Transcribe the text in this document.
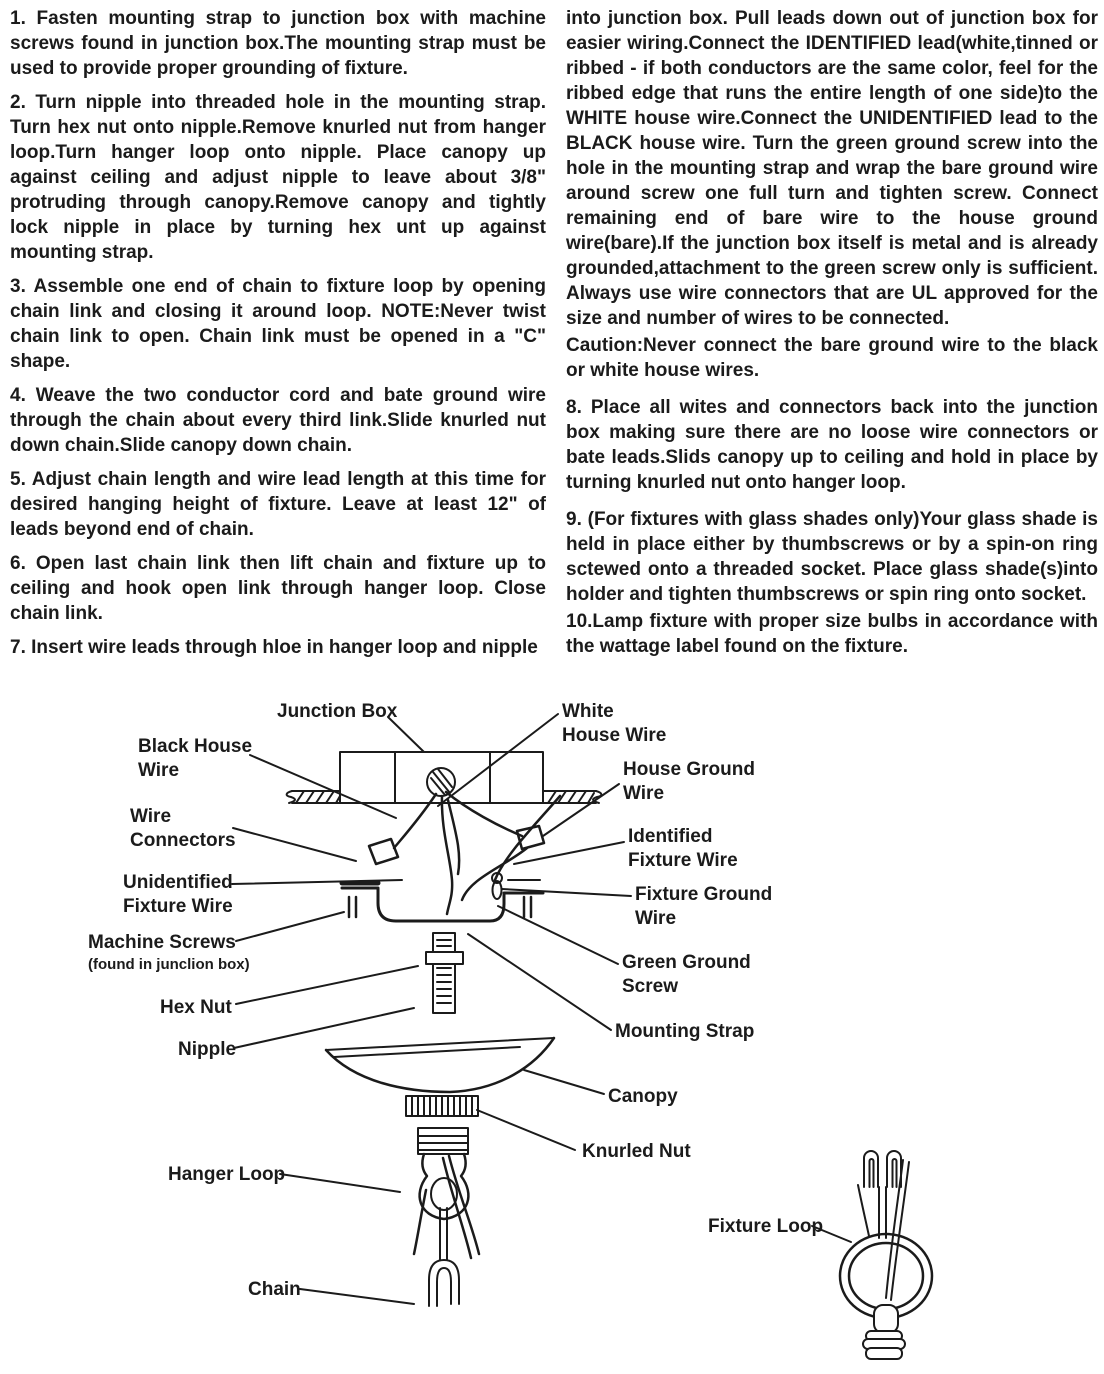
1. Fasten mounting strap to junction box with machine screws found in junction box.The mounting strap must be used to provide proper grounding of fixture.

2. Turn nipple into threaded hole in the mounting strap. Turn hex nut onto nipple.Remove knurled nut from hanger loop.Turn hanger loop onto nipple. Place canopy up against ceiling and adjust nipple to leave about 3/8" protruding through canopy.Remove canopy and tightly lock nipple in place by turning hex unt up against mounting strap.

3. Assemble one end of chain to fixture loop by opening chain link and closing it around loop. NOTE:Never twist chain link to open. Chain link must be opened in a "C" shape.

4. Weave the two conductor cord and bate ground wire through the chain about every third link.Slide knurled nut down chain.Slide canopy down chain.

5. Adjust chain length and wire lead length at this time for desired hanging height of fixture. Leave at least 12" of leads beyond end of chain.

6. Open last chain link then lift chain and fixture up to ceiling and hook open link through hanger loop. Close chain link.

7. Insert wire leads through hloe in hanger loop and nipple

into junction box. Pull leads down out of junction box for easier wiring.Connect the IDENTIFIED lead(white,tinned or ribbed - if both conductors are the same color, feel for the ribbed edge that runs the entire length of one side)to the WHITE house wire.Connect the UNIDENTIFIED lead to the BLACK house wire. Turn the green ground screw into the hole in the mounting strap and wrap the bare ground wire around screw one full turn and tighten screw. Connect remaining end of bare wire to the house ground wire(bare).If the junction box itself is metal and is already grounded,attachment to the green screw only is sufficient. Always use wire connectors that are UL approved for the size and number of wires to be connected.

Caution:Never connect the bare ground wire to the black or white house wires.

8. Place all wites and connectors back into the junction box making sure there are no loose wire connectors or bate leads.Slids canopy up to ceiling and hold in place by turning knurled nut onto hanger loop.

9. (For fixtures with glass shades only)Your glass shade is held in place either by thumbscrews or by a spin-on ring sctewed onto a threaded socket. Place glass shade(s)into holder and tighten thumbscrews or spin ring onto socket.

10.Lamp fixture with proper size bulbs in accordance with the wattage label found on the fixture.

Junction Box	White House Wire
Black House Wire	House Ground Wire
Wire Connectors	Identified Fixture Wire
Unidentified Fixture Wire
Fixture Ground Wire
Machine Screws
(found in junclion box)	Green Ground Screw
Hex Nut
Mounting Strap
Nipple
Canopy
Knurled Nut
Hanger Loop
Fixture Loop
Chain
